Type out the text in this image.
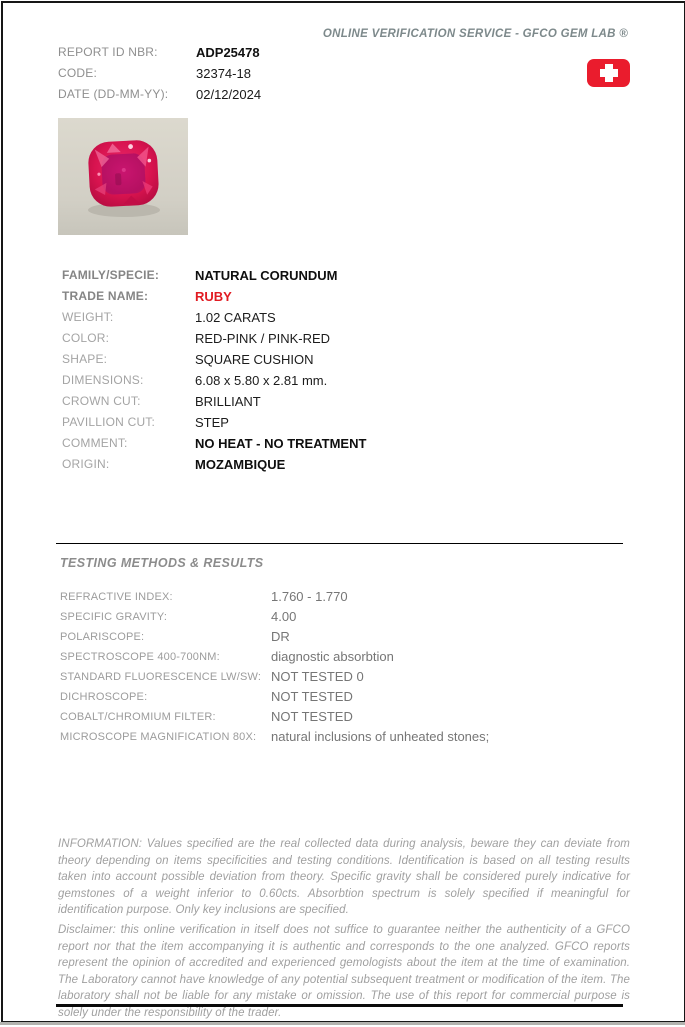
ONLINE VERIFICATION SERVICE - GFCO GEM LAB ®
REPORT ID NBR:	ADP25478
CODE:	32374-18
DATE (DD-MM-YY):	02/12/2024
FAMILY/SPECIE:	NATURAL CORUNDUM
TRADE NAME:	RUBY
WEIGHT:	1.02 CARATS
COLOR:	RED-PINK / PINK-RED
SHAPE:	SQUARE CUSHION
DIMENSIONS:	6.08 x 5.80 x 2.81 mm.
CROWN CUT:	BRILLIANT
PAVILLION CUT:	STEP
COMMENT:	NO HEAT - NO TREATMENT
ORIGIN:	MOZAMBIQUE
TESTING METHODS & RESULTS
REFRACTIVE INDEX:	1.760 - 1.770
SPECIFIC GRAVITY:	4.00
POLARISCOPE:	DR
SPECTROSCOPE 400-700NM:	diagnostic absorbtion
STANDARD FLUORESCENCE LW/SW: NOT TESTED 0
DICHROSCOPE:	NOT TESTED
COBALT/CHROMIUM FILTER:	NOT TESTED
MICROSCOPE MAGNIFICATION 80X:	natural inclusions of unheated stones;
INFORMATION: Values specified are the real collected data during analysis, beware they can deviate from theory depending on items specificities and testing conditions. Identification is based on all testing results taken into account possible deviation from theory. Specific gravity shall be considered purely indicative for gemstones of a weight inferior to 0.60cts. Absorbtion spectrum is solely specified if meaningful for identification purpose. Only key inclusions are specified.
Disclaimer: this online verification in itself does not suffice to guarantee neither the authenticity of a GFCO report nor that the item accompanying it is authentic and corresponds to the one analyzed. GFCO reports represent the opinion of accredited and experienced gemologists about the item at the time of examination. The Laboratory cannot have knowledge of any potential subsequent treatment or modification of the item. The laboratory shall not be liable for any mistake or omission. The use of this report for commercial purpose is solely under the responsibility of the trader.
